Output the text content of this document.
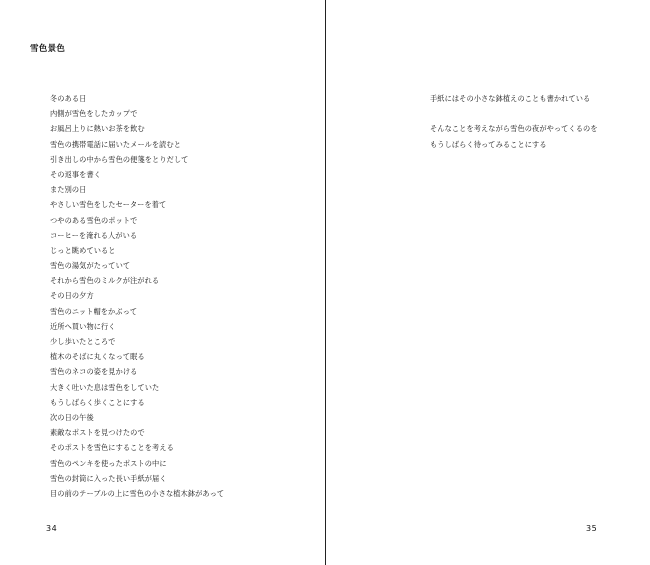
雪色景色
冬のある日
内側が雪色をしたカップで
お風呂上りに熱いお茶を飲む
雪色の携帯電話に届いたメールを読むと
引き出しの中から雪色の便箋をとりだして
その返事を書く
また別の日
やさしい雪色をしたセーターを着て
つやのある雪色のポットで
コーヒーを淹れる人がいる
じっと眺めていると
雪色の湯気がたっていて
それから雪色のミルクが注がれる
その日の夕方
雪色のニット帽をかぶって
近所へ買い物に行く
少し歩いたところで
植木のそばに丸くなって眠る
雪色のネコの姿を見かける
大きく吐いた息は雪色をしていた
もうしばらく歩くことにする
次の日の午後
素敵なポストを見つけたので
そのポストを雪色にすることを考える
雪色のペンキを使ったポストの中に
雪色の封筒に入った長い手紙が届く
目の前のテーブルの上に雪色の小さな植木鉢があって
34
手紙にはその小さな鉢植えのことも書かれている
そんなことを考えながら雪色の夜がやってくるのを
もうしばらく待ってみることにする
35
